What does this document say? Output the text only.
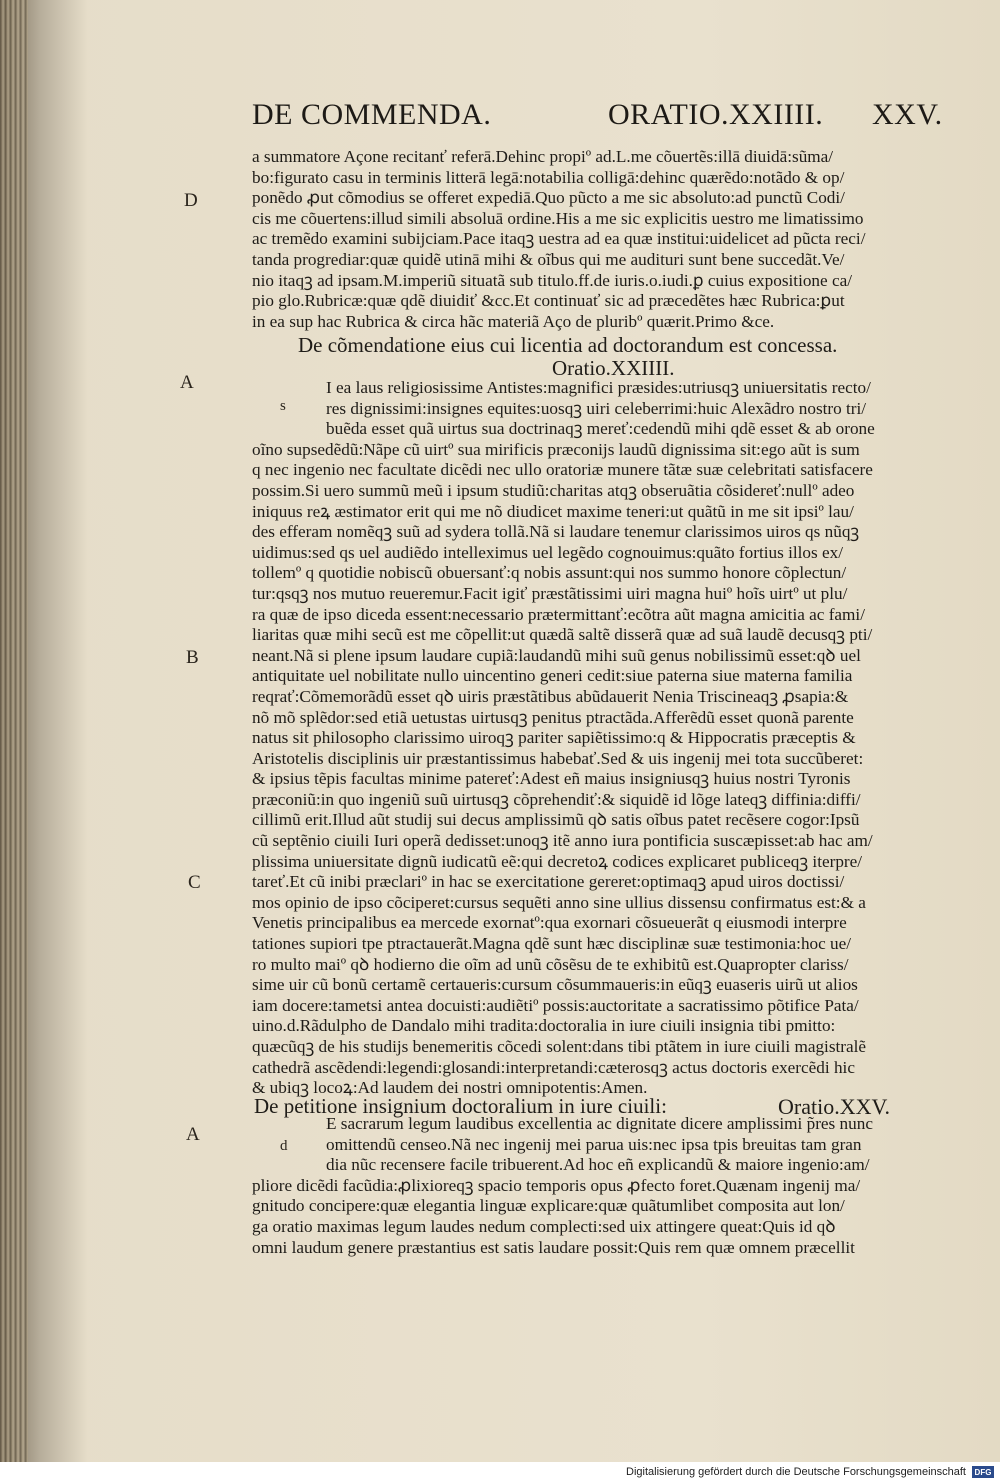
DE COMMENDA.	ORATIO.XXIIII. XXV.
D
A
B
C
A
a summatore Açone recitanť referā.Dehinc propiº ad.L.me cõuertẽs:illā diuidā:sũma/
bo:figurato casu in terminis litterā legā:notabilia colligā:dehinc quærẽdo:notãdo & op/
ponẽdo ꝓut cõmodius se offeret expediā.Quo pũcto a me sic absoluto:ad punctũ Codi/
cis me cõuertens:illud simili absoluā ordine.His a me sic explicitis uestro me limatissimo
ac tremẽdo examini subijciam.Pace itaqꝫ uestra ad ea quæ institui:uidelicet ad pũcta reci/
tanda progrediar:quæ quidẽ utinā mihi & oĩbus qui me audituri sunt bene succedãt.Ve/
nio itaqꝫ ad ipsam.M.imperiũ situatã sub titulo.ff.de iuris.o.iudi.ꝑ cuius expositione ca/
pio glo.Rubricæ:quæ qdẽ diuidiť &cc.Et continuať sic ad præcedẽtes hæc Rubrica:ꝑut
in ea sup hac Rubrica & circa hãc materiã Aço de pluribº quærit.Primo &ce.
De cõmendatione eius cui licentia ad doctorandum est concessa.
Oratio.XXIIII.
s
I ea laus religiosissime Antistes:magnifici præsides:utriusqꝫ uniuersitatis recto/
res dignissimi:insignes equites:uosqꝫ uiri celeberrimi:huic Alexãdro nostro tri/
buẽda esset quã uirtus sua doctrinaqꝫ mereť:cedendũ mihi qdẽ esset & ab orone
oĩno supsedẽdũ:Nãpe cũ uirtº sua mirificis præconijs laudũ dignissima sit:ego aũt is sum
q nec ingenio nec facultate dicẽdi nec ullo oratoriæ munere tãtæ suæ celebritati satisfacere
possim.Si uero summũ meũ i ipsum studiũ:charitas atqꝫ obseruãtia cõsidereť:nullº adeo
iniquus reꝝ æstimator erit qui me nõ diudicet maxime teneri:ut quãtũ in me sit ipsiº lau/
des efferam nomẽqꝫ suũ ad sydera tollã.Nã si laudare tenemur clarissimos uiros qs nũqꝫ
uidimus:sed qs uel audiẽdo intelleximus uel legẽdo cognouimus:quãto fortius illos ex/
tollemº q quotidie nobiscũ obuersanť:q nobis assunt:qui nos summo honore cõplectun/
tur:qsqꝫ nos mutuo reueremur.Facit igiť præstãtissimi uiri magna huiº hoĩs uirtº ut plu/
ra quæ de ipso diceda essent:necessario prætermittanť:ecõtra aũt magna amicitia ac fami/
liaritas quæ mihi secũ est me cõpellit:ut quædã saltẽ disserã quæ ad suã laudẽ decusqꝫ pti/
neant.Nã si plene ipsum laudare cupiã:laudandũ mihi suũ genus nobilissimũ esset:qꝺ uel
antiquitate uel nobilitate nullo uincentino generi cedit:siue paterna siue materna familia
reqrať:Cõmemorãdũ esset qꝺ uiris præstãtibus abũdauerit Nenia Triscineaqꝫ ꝓsapia:&
nõ mõ splẽdor:sed etiã uetustas uirtusqꝫ penitus ptractãda.Afferẽdũ esset quonã parente
natus sit philosopho clarissimo uiroqꝫ pariter sapiẽtissimo:q & Hippocratis præceptis &
Aristotelis disciplinis uir præstantissimus habebať.Sed & uis ingenij mei tota succũberet:
& ipsius tẽpis facultas minime patereť:Adest eñ maius insigniusqꝫ huius nostri Tyronis
præconiũ:in quo ingeniũ suũ uirtusqꝫ cõprehendiť:& siquidẽ id lõge lateqꝫ diffinia:diffi/
cillimũ erit.Illud aũt studij sui decus amplissimũ qꝺ satis oĩbus patet recẽsere cogor:Ipsũ
cũ septẽnio ciuili Iuri operã dedisset:unoqꝫ itẽ anno iura pontificia suscæpisset:ab hac am/
plissima uniuersitate dignũ iudicatũ eẽ:qui decretoꝝ codices explicaret publiceqꝫ iterpre/
tareť.Et cũ inibi præclariº in hac se exercitatione gereret:optimaqꝫ apud uiros doctissi/
mos opinio de ipso cõciperet:cursus sequẽti anno sine ullius dissensu confirmatus est:& a
Venetis principalibus ea mercede exornatº:qua exornari cõsueuerãt q eiusmodi interpre
tationes supiori tpe ptractauerãt.Magna qdẽ sunt hæc disciplinæ suæ testimonia:hoc ue/
ro multo maiº qꝺ hodierno die oĩm ad unũ cõsẽsu de te exhibitũ est.Quapropter clariss/
sime uir cũ bonũ certamẽ certaueris:cursum cõsummaueris:in eũqꝫ euaseris uirũ ut alios
iam docere:tametsi antea docuisti:audiẽtiº possis:auctoritate a sacratissimo põtifice Pata/
uino.d.Rãdulpho de Dandalo mihi tradita:doctoralia in iure ciuili insignia tibi pmitto:
quæcũqꝫ de his studijs benemeritis cõcedi solent:dans tibi ptãtem in iure ciuili magistralẽ
cathedrã ascẽdendi:legendi:glosandi:interpretandi:cæterosqꝫ actus doctoris exercẽdi hic
& ubiqꝫ locoꝝ:Ad laudem dei nostri omnipotentis:Amen.
De petitione insignium doctoralium in iure ciuili:	Oratio.XXV.
d
E sacrarum legum laudibus excellentia ac dignitate dicere amplissimi p̃res nunc
omittendũ censeo.Nã nec ingenij mei parua uis:nec ipsa tpis breuitas tam gran
dia nũc recensere facile tribuerent.Ad hoc eñ explicandũ & maiore ingenio:am/
pliore dicẽdi facũdia:ꝓlixioreqꝫ spacio temporis opus ꝓfecto foret.Quænam ingenij ma/
gnitudo concipere:quæ elegantia linguæ explicare:quæ quãtumlibet composita aut lon/
ga oratio maximas legum laudes nedum complecti:sed uix attingere queat:Quis id qꝺ
omni laudum genere præstantius est satis laudare possit:Quis rem quæ omnem præcellit
Digitalisierung gefördert durch die Deutsche Forschungsgemeinschaft	DFG
